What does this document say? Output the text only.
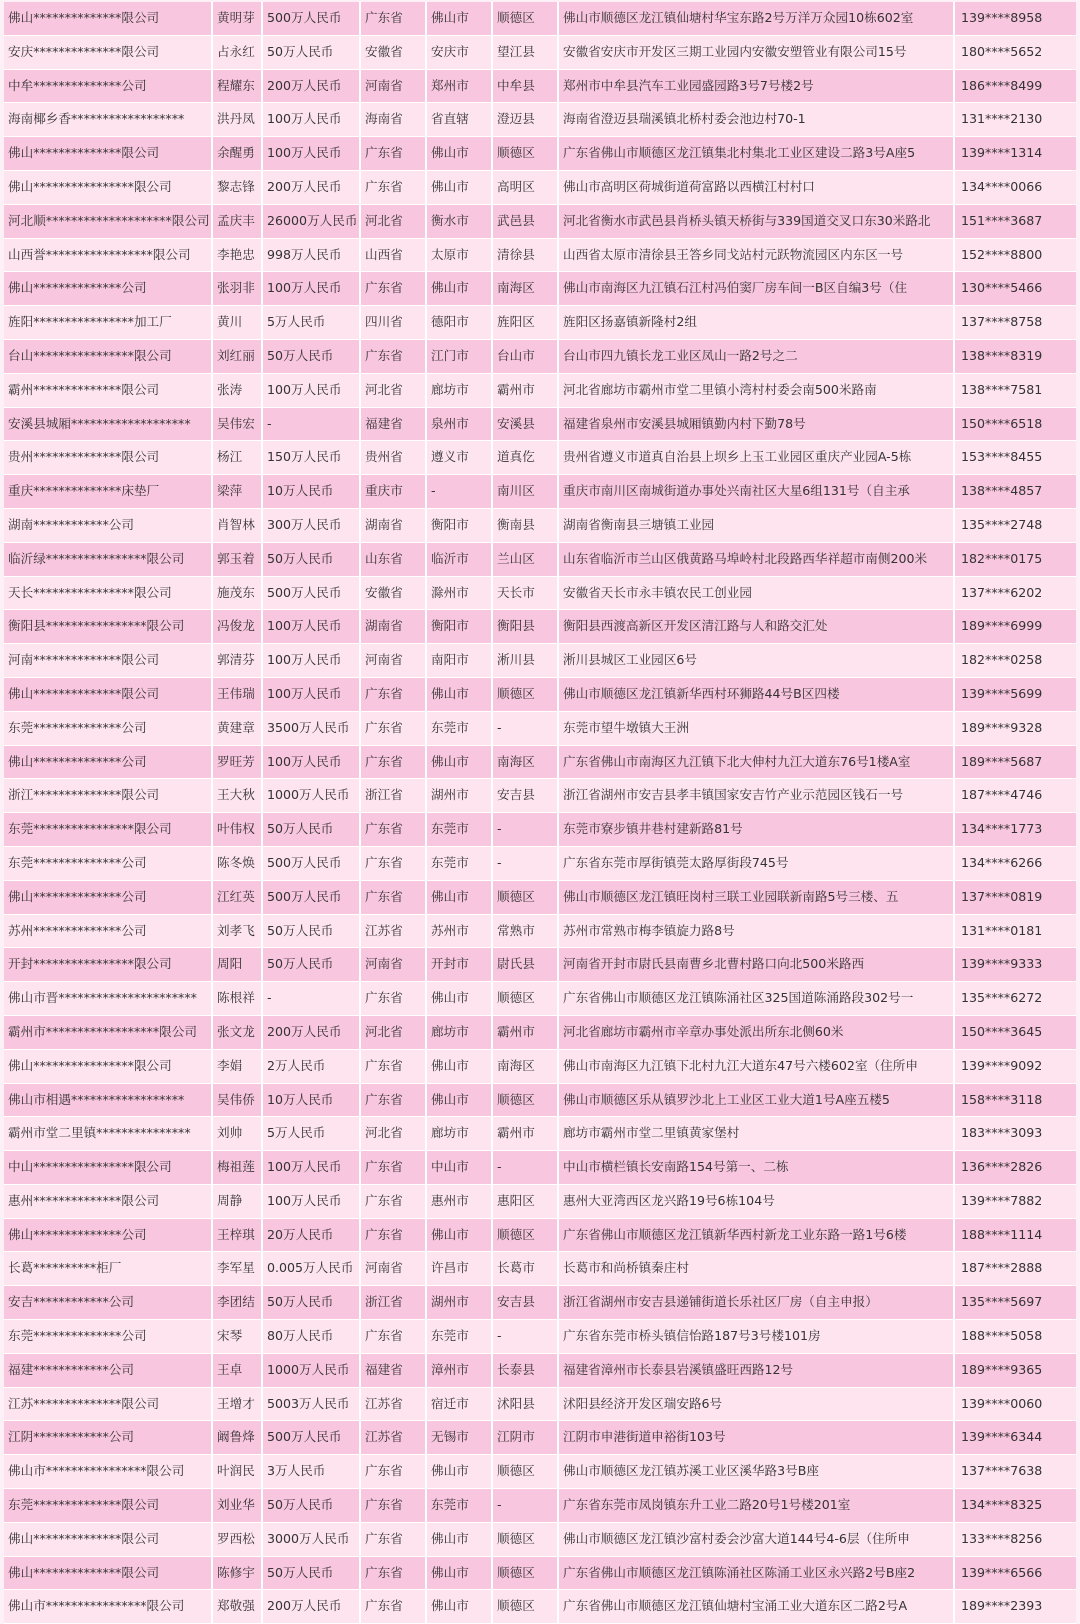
佛山**************限公司	黄明芽	500万人民币	广东省	佛山市	顺德区	佛山市顺德区龙江镇仙塘村华宝东路2号万洋万众园10栋602室	139****8958
安庆**************限公司	占永红	50万人民币	安徽省	安庆市	望江县	安徽省安庆市开发区三期工业园内安徽安塑管业有限公司15号	180****5652
中牟**************公司	程耀东	200万人民币	河南省	郑州市	中牟县	郑州市中牟县汽车工业园盛园路3号7号楼2号	186****8499
海南椰乡香******************	洪丹凤	100万人民币	海南省	省直辖	澄迈县	海南省澄迈县瑞溪镇北桥村委会池边村70-1	131****2130
佛山**************限公司	余醒勇	100万人民币	广东省	佛山市	顺德区	广东省佛山市顺德区龙江镇集北村集北工业区建设二路3号A座5	139****1314
佛山****************限公司	黎志锋	200万人民币	广东省	佛山市	高明区	佛山市高明区荷城街道荷富路以西横江村村口	134****0066
河北顺********************限公司	孟庆丰	26000万人民币	河北省	衡水市	武邑县	河北省衡水市武邑县肖桥头镇天桥街与339国道交叉口东30米路北	151****3687
山西誉*****************限公司	李艳忠	998万人民币	山西省	太原市	清徐县	山西省太原市清徐县王答乡同戈站村元跃物流园区内东区一号	152****8800
佛山**************公司	张羽非	100万人民币	广东省	佛山市	南海区	佛山市南海区九江镇石江村冯伯窦厂房车间一B区自编3号（住	130****5466
旌阳****************加工厂	黄川	5万人民币	四川省	德阳市	旌阳区	旌阳区扬嘉镇新隆村2组	137****8758
台山****************限公司	刘红丽	50万人民币	广东省	江门市	台山市	台山市四九镇长龙工业区凤山一路2号之二	138****8319
霸州**************限公司	张涛	100万人民币	河北省	廊坊市	霸州市	河北省廊坊市霸州市堂二里镇小湾村村委会南500米路南	138****7581
安溪县城厢*******************	吴伟宏	-	福建省	泉州市	安溪县	福建省泉州市安溪县城厢镇勤内村下勤78号	150****6518
贵州**************限公司	杨江	150万人民币	贵州省	遵义市	道真仡	贵州省遵义市道真自治县上坝乡上玉工业园区重庆产业园A-5栋	153****8455
重庆**************床垫厂	梁萍	10万人民币	重庆市	-	南川区	重庆市南川区南城街道办事处兴南社区大星6组131号（自主承	138****4857
湖南************公司	肖智林	300万人民币	湖南省	衡阳市	衡南县	湖南省衡南县三塘镇工业园	135****2748
临沂绿****************限公司	郭玉着	50万人民币	山东省	临沂市	兰山区	山东省临沂市兰山区俄黄路马埠岭村北段路西华祥超市南侧200米	182****0175
天长****************限公司	施茂东	500万人民币	安徽省	滁州市	天长市	安徽省天长市永丰镇农民工创业园	137****6202
衡阳县****************限公司	冯俊龙	100万人民币	湖南省	衡阳市	衡阳县	衡阳县西渡高新区开发区清江路与人和路交汇处	189****6999
河南**************限公司	郭清芬	100万人民币	河南省	南阳市	淅川县	淅川县城区工业园区6号	182****0258
佛山**************限公司	王伟瑞	100万人民币	广东省	佛山市	顺德区	佛山市顺德区龙江镇新华西村环狮路44号B区四楼	139****5699
东莞**************公司	黄建章	3500万人民币	广东省	东莞市	-	东莞市望牛墩镇大王洲	189****9328
佛山**************公司	罗旺芳	100万人民币	广东省	佛山市	南海区	广东省佛山市南海区九江镇下北大伸村九江大道东76号1楼A室	189****5687
浙江**************限公司	王大秋	1000万人民币	浙江省	湖州市	安吉县	浙江省湖州市安吉县孝丰镇国家安吉竹产业示范园区钱石一号	187****4746
东莞****************限公司	叶伟权	50万人民币	广东省	东莞市	-	东莞市寮步镇井巷村建新路81号	134****1773
东莞**************公司	陈冬焕	500万人民币	广东省	东莞市	-	广东省东莞市厚街镇莞太路厚街段745号	134****6266
佛山**************公司	江红英	500万人民币	广东省	佛山市	顺德区	佛山市顺德区龙江镇旺岗村三联工业园联新南路5号三楼、五	137****0819
苏州**************公司	刘孝飞	50万人民币	江苏省	苏州市	常熟市	苏州市常熟市梅李镇旋力路8号	131****0181
开封****************限公司	周阳	50万人民币	河南省	开封市	尉氏县	河南省开封市尉氏县南曹乡北曹村路口向北500米路西	139****9333
佛山市晋**********************	陈根祥	-	广东省	佛山市	顺德区	广东省佛山市顺德区龙江镇陈涌社区325国道陈涌路段302号一	135****6272
霸州市******************限公司	张文龙	200万人民币	河北省	廊坊市	霸州市	河北省廊坊市霸州市辛章办事处派出所东北侧60米	150****3645
佛山****************限公司	李娟	2万人民币	广东省	佛山市	南海区	佛山市南海区九江镇下北村九江大道东47号六楼602室（住所申	139****9092
佛山市相遇******************	吴伟侨	10万人民币	广东省	佛山市	顺德区	佛山市顺德区乐从镇罗沙北上工业区工业大道1号A座五楼5	158****3118
霸州市堂二里镇***************	刘帅	5万人民币	河北省	廊坊市	霸州市	廊坊市霸州市堂二里镇黄家堡村	183****3093
中山****************限公司	梅祖莲	100万人民币	广东省	中山市	-	中山市横栏镇长安南路154号第一、二栋	136****2826
惠州**************限公司	周静	100万人民币	广东省	惠州市	惠阳区	惠州大亚湾西区龙兴路19号6栋104号	139****7882
佛山**************公司	王梓琪	20万人民币	广东省	佛山市	顺德区	广东省佛山市顺德区龙江镇新华西村新龙工业东路一路1号6楼	188****1114
长葛**********柜厂	李军星	0.005万人民币	河南省	许昌市	长葛市	长葛市和尚桥镇秦庄村	187****2888
安吉************公司	李团结	50万人民币	浙江省	湖州市	安吉县	浙江省湖州市安吉县递铺街道长乐社区厂房（自主申报）	135****5697
东莞**************公司	宋琴	80万人民币	广东省	东莞市	-	广东省东莞市桥头镇信怡路187号3号楼101房	188****5058
福建************公司	王卓	1000万人民币	福建省	漳州市	长泰县	福建省漳州市长泰县岩溪镇盛旺西路12号	189****9365
江苏**************限公司	王增才	5003万人民币	江苏省	宿迁市	沭阳县	沭阳县经济开发区瑞安路6号	139****0060
江阴************公司	阚鲁烽	500万人民币	江苏省	无锡市	江阴市	江阴市申港街道申裕街103号	139****6344
佛山市****************限公司	叶润民	3万人民币	广东省	佛山市	顺德区	佛山市顺德区龙江镇苏溪工业区溪华路3号B座	137****7638
东莞**************限公司	刘业华	50万人民币	广东省	东莞市	-	广东省东莞市凤岗镇东升工业二路20号1号楼201室	134****8325
佛山**************限公司	罗西松	3000万人民币	广东省	佛山市	顺德区	佛山市顺德区龙江镇沙富村委会沙富大道144号4-6层（住所申	133****8256
佛山**************限公司	陈修宇	50万人民币	广东省	佛山市	顺德区	广东省佛山市顺德区龙江镇陈涌社区陈涌工业区永兴路2号B座2	139****6566
佛山市****************限公司	郑敬强	200万人民币	广东省	佛山市	顺德区	广东省佛山市顺德区龙江镇仙塘村宝涌工业大道东区二路2号A	189****2393
